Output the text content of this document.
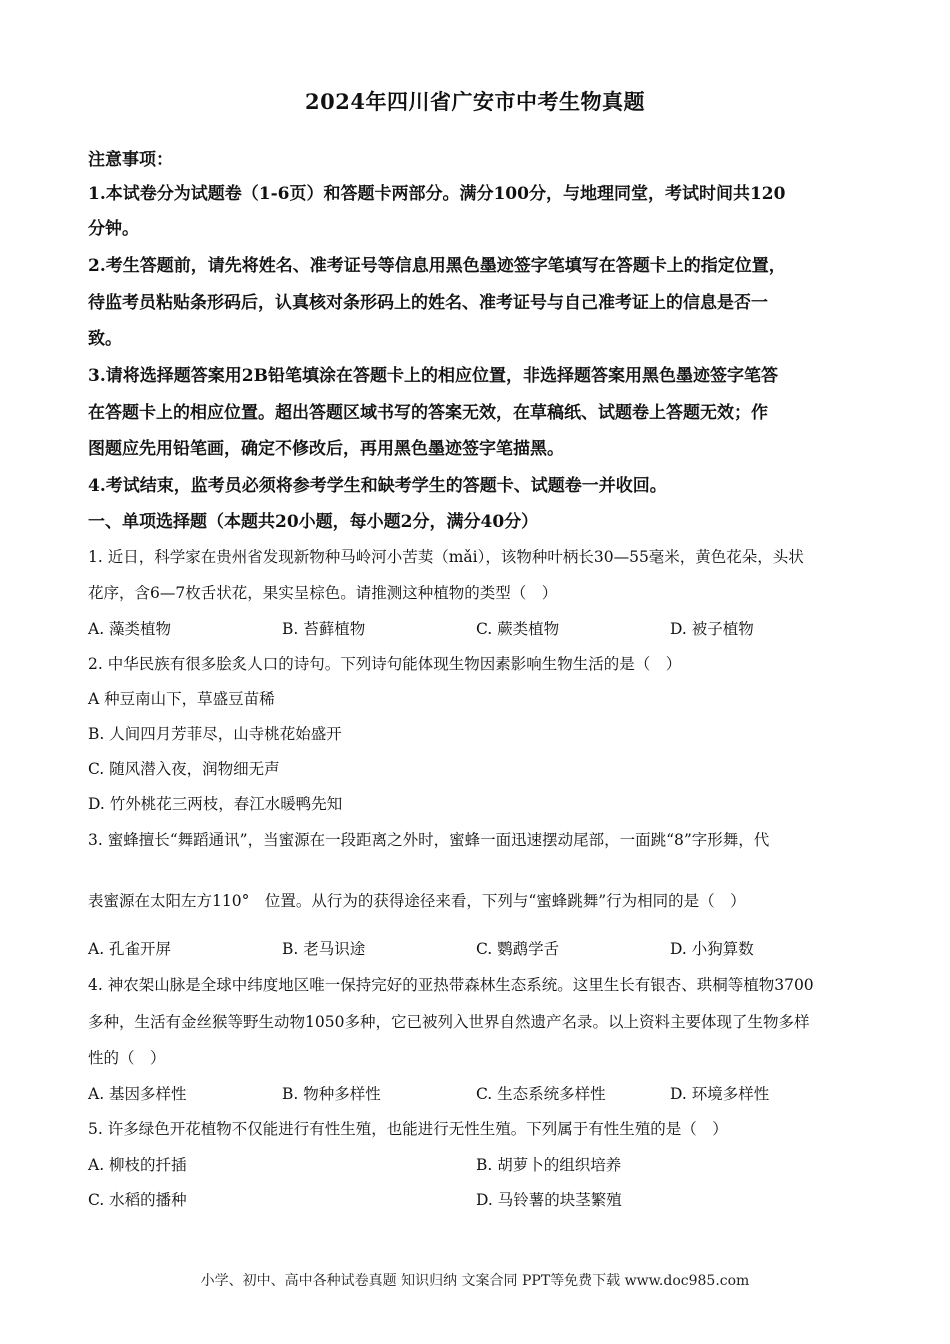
2024年四川省广安市中考生物真题
注意事项：
1.本试卷分为试题卷（1-6页）和答题卡两部分。满分100分，与地理同堂，考试时间共120
分钟。
2.考生答题前，请先将姓名、准考证号等信息用黑色墨迹签字笔填写在答题卡上的指定位置，
待监考员粘贴条形码后，认真核对条形码上的姓名、准考证号与自己准考证上的信息是否一
致。
3.请将选择题答案用2B铅笔填涂在答题卡上的相应位置，非选择题答案用黑色墨迹签字笔答
在答题卡上的相应位置。超出答题区域书写的答案无效，在草稿纸、试题卷上答题无效；作
图题应先用铅笔画，确定不修改后，再用黑色墨迹签字笔描黑。
4.考试结束，监考员必须将参考学生和缺考学生的答题卡、试题卷一并收回。
一、单项选择题（本题共20小题，每小题2分，满分40分）
1. 近日，科学家在贵州省发现新物种马岭河小苦荬（mǎi），该物种叶柄长30—55毫米，黄色花朵，头状
花序，含6—7枚舌状花，果实呈棕色。请推测这种植物的类型（　）
A. 藻类植物	B. 苔藓植物	C. 蕨类植物	D. 被子植物
2. 中华民族有很多脍炙人口的诗句。下列诗句能体现生物因素影响生物生活的是（　）
A 种豆南山下，草盛豆苗稀
B. 人间四月芳菲尽，山寺桃花始盛开
C. 随风潜入夜，润物细无声
D. 竹外桃花三两枝，春江水暖鸭先知
3. 蜜蜂擅长“舞蹈通讯”，当蜜源在一段距离之外时，蜜蜂一面迅速摆动尾部，一面跳“8”字形舞，代
表蜜源在太阳左方110°　位置。从行为的获得途径来看，下列与“蜜蜂跳舞”行为相同的是（　）
A. 孔雀开屏	B. 老马识途	C. 鹦鹉学舌	D. 小狗算数
4. 神农架山脉是全球中纬度地区唯一保持完好的亚热带森林生态系统。这里生长有银杏、珙桐等植物3700
多种，生活有金丝猴等野生动物1050多种，它已被列入世界自然遗产名录。以上资料主要体现了生物多样
性的（　）
A. 基因多样性	B. 物种多样性	C. 生态系统多样性	D. 环境多样性
5. 许多绿色开花植物不仅能进行有性生殖，也能进行无性生殖。下列属于有性生殖的是（　）
A. 柳枝的扦插	B. 胡萝卜的组织培养
C. 水稻的播种	D. 马铃薯的块茎繁殖
小学、初中、高中各种试卷真题 知识归纳 文案合同 PPT等免费下载 www.doc985.com
